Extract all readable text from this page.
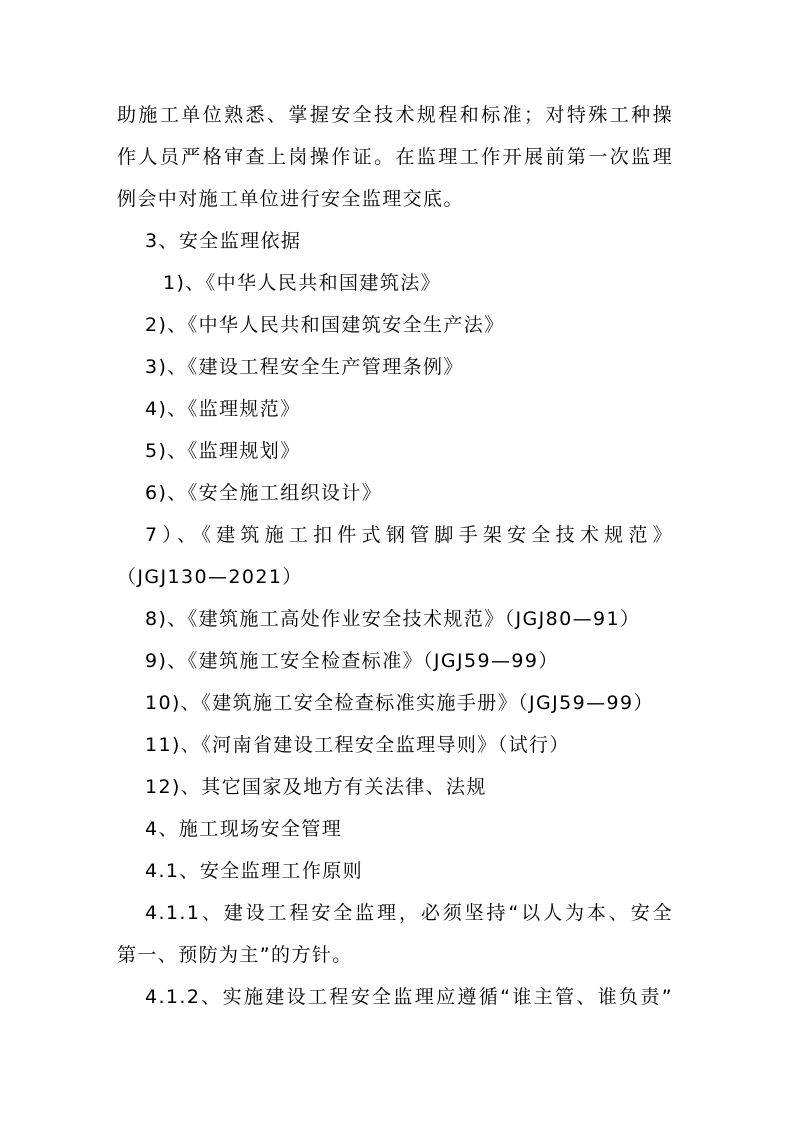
助施工单位熟悉、掌握安全技术规程和标准；对特殊工种操
作人员严格审查上岗操作证。在监理工作开展前第一次监理
例会中对施工单位进行安全监理交底。
3、安全监理依据
1)、《中华人民共和国建筑法》
2)、《中华人民共和国建筑安全生产法》
3)、《建设工程安全生产管理条例》
4)、《监理规范》
5)、《监理规划》
6)、《安全施工组织设计》
7）、《建筑施工扣件式钢管脚手架安全技术规范》
（JGJ130—2021）
8)、《建筑施工高处作业安全技术规范》（JGJ80—91）
9)、《建筑施工安全检查标准》（JGJ59—99）
10)、《建筑施工安全检查标准实施手册》（JGJ59—99）
11)、《河南省建设工程安全监理导则》（试行）
12)、其它国家及地方有关法律、法规
4、施工现场安全管理
4.1、安全监理工作原则
4.1.1、建设工程安全监理，必须坚持“以人为本、安全
第一、预防为主”的方针。
4.1.2、实施建设工程安全监理应遵循“谁主管、谁负责”
